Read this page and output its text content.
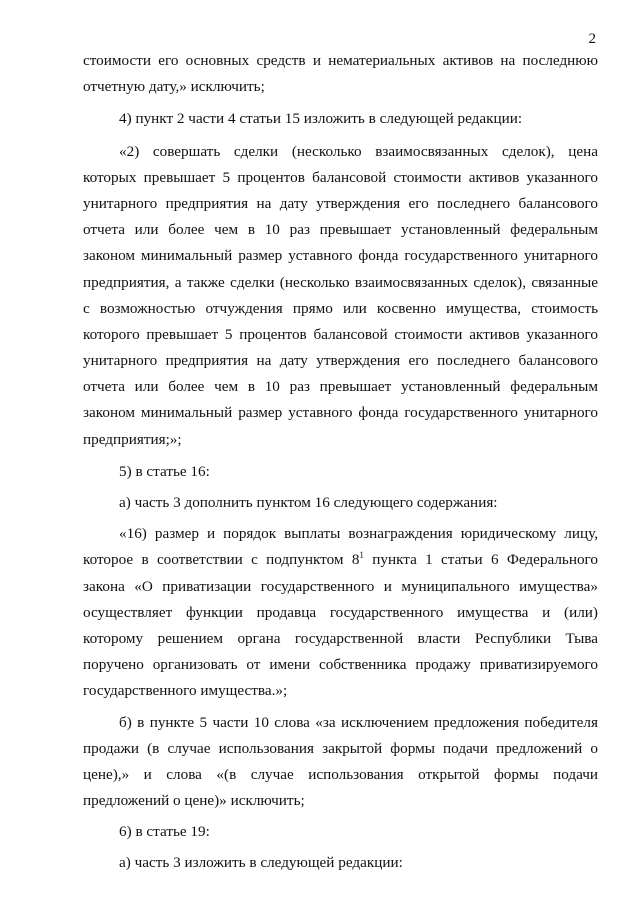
2
стоимости его основных средств и нематериальных активов на последнюю
отчетную дату,» исключить;
4) пункт 2 части 4 статьи 15 изложить в следующей редакции:
«2) совершать сделки (несколько взаимосвязанных сделок), цена
которых превышает 5 процентов балансовой стоимости активов указанного
унитарного предприятия на дату утверждения его последнего балансового
отчета или более чем в 10 раз превышает установленный федеральным
законом минимальный размер уставного фонда государственного унитарного
предприятия, а также сделки (несколько взаимосвязанных сделок), связанные
с возможностью отчуждения прямо или косвенно имущества, стоимость
которого превышает 5 процентов балансовой стоимости активов указанного
унитарного предприятия на дату утверждения его последнего балансового
отчета или более чем в 10 раз превышает установленный федеральным
законом минимальный размер уставного фонда государственного унитарного
предприятия;»;
5) в статье 16:
а) часть 3 дополнить пунктом 16 следующего содержания:
«16) размер и порядок выплаты вознаграждения юридическому лицу,
которое в соответствии с подпунктом $8^1$ пункта 1 статьи 6 Федерального
закона «О приватизации государственного и муниципального имущества»
осуществляет функции продавца государственного имущества и (или)
которому решением органа государственной власти Республики Тыва
поручено организовать от имени собственника продажу приватизируемого
государственного имущества.»;
б) в пункте 5 части 10 слова «за исключением предложения победителя
продажи (в случае использования закрытой формы подачи предложений о
цене),» и слова «(в случае использования открытой формы подачи
предложений о цене)» исключить;
6) в статье 19:
а) часть 3 изложить в следующей редакции:
